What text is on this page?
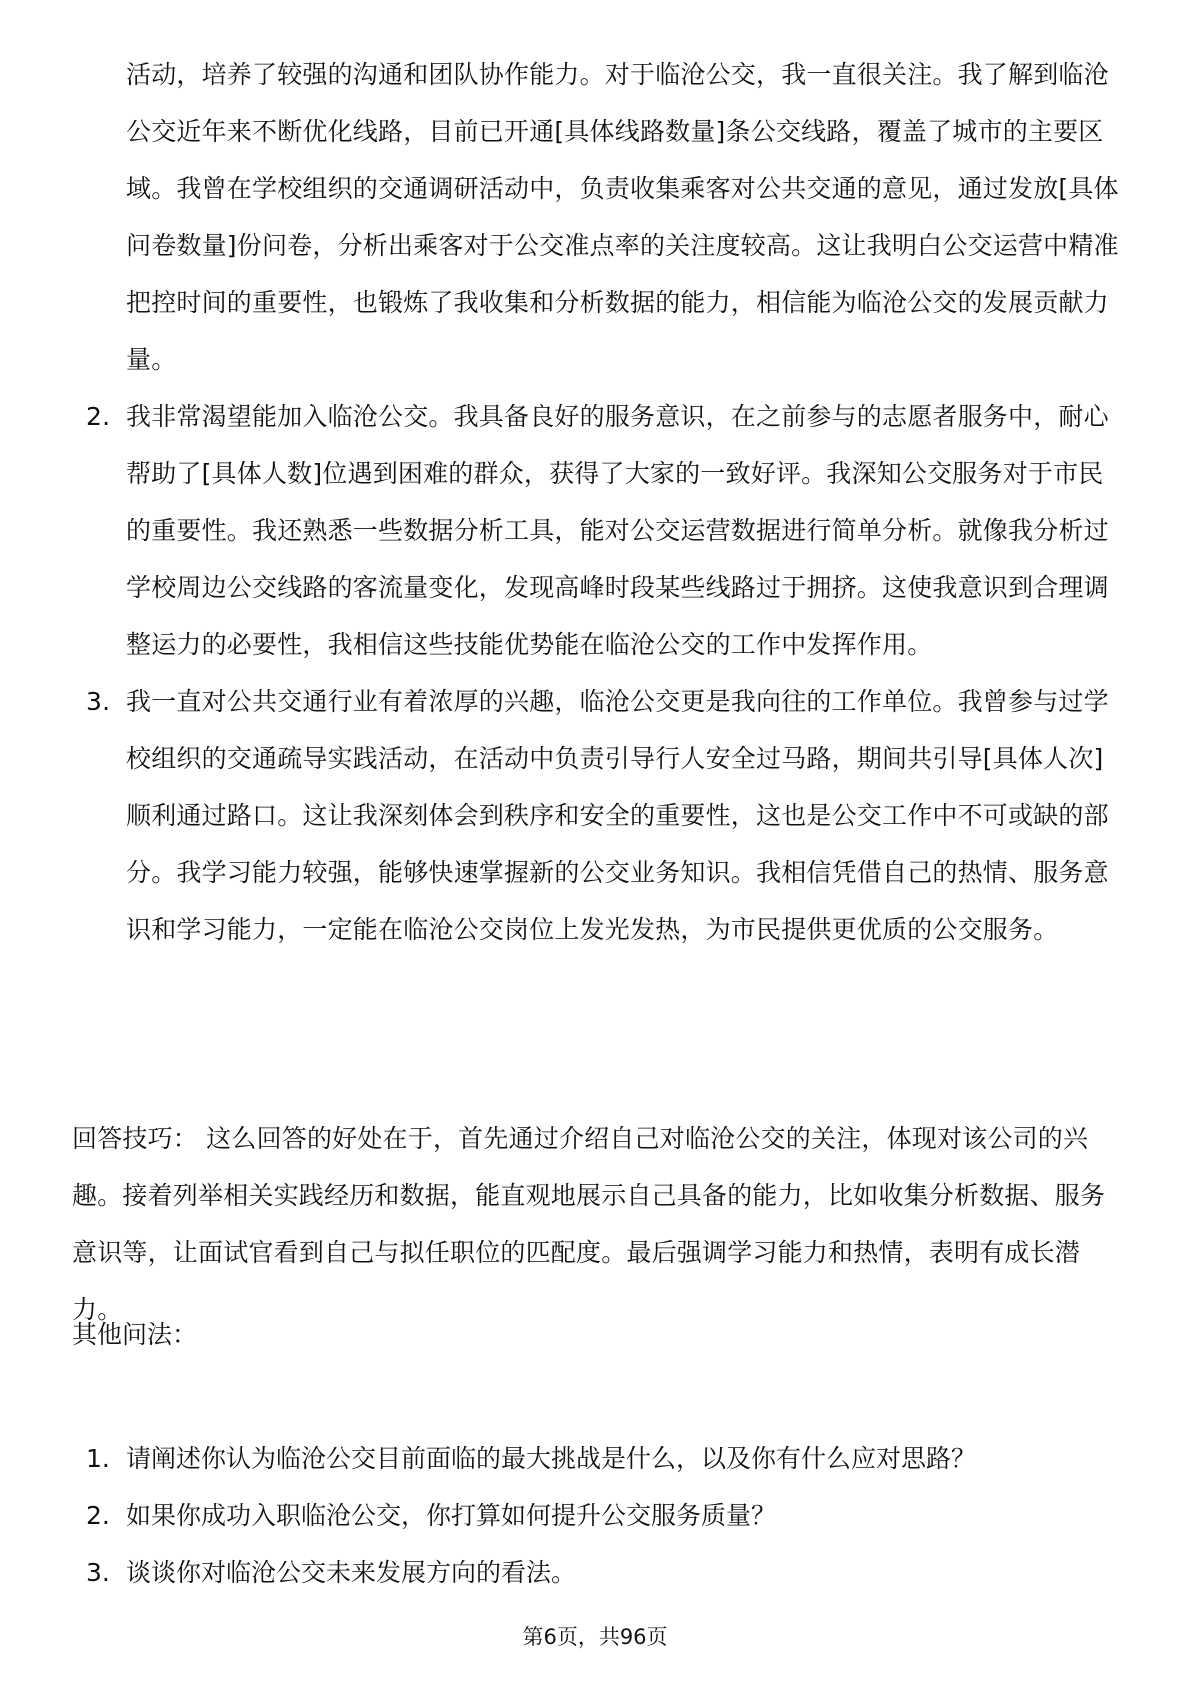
活动，培养了较强的沟通和团队协作能力。对于临沧公交，我一直很关注。我了解到临沧公交近年来不断优化线路，目前已开通[具体线路数量]条公交线路，覆盖了城市的主要区域。我曾在学校组织的交通调研活动中，负责收集乘客对公共交通的意见，通过发放[具体问卷数量]份问卷，分析出乘客对于公交准点率的关注度较高。这让我明白公交运营中精准把控时间的重要性，也锻炼了我收集和分析数据的能力，相信能为临沧公交的发展贡献力量。
2. 我非常渴望能加入临沧公交。我具备良好的服务意识，在之前参与的志愿者服务中，耐心帮助了[具体人数]位遇到困难的群众，获得了大家的一致好评。我深知公交服务对于市民的重要性。我还熟悉一些数据分析工具，能对公交运营数据进行简单分析。就像我分析过学校周边公交线路的客流量变化，发现高峰时段某些线路过于拥挤。这使我意识到合理调整运力的必要性，我相信这些技能优势能在临沧公交的工作中发挥作用。
3. 我一直对公共交通行业有着浓厚的兴趣，临沧公交更是我向往的工作单位。我曾参与过学校组织的交通疏导实践活动，在活动中负责引导行人安全过马路，期间共引导[具体人次]顺利通过路口。这让我深刻体会到秩序和安全的重要性，这也是公交工作中不可或缺的部分。我学习能力较强，能够快速掌握新的公交业务知识。我相信凭借自己的热情、服务意识和学习能力，一定能在临沧公交岗位上发光发热，为市民提供更优质的公交服务。
回答技巧： 这么回答的好处在于，首先通过介绍自己对临沧公交的关注，体现对该公司的兴趣。接着列举相关实践经历和数据，能直观地展示自己具备的能力，比如收集分析数据、服务意识等，让面试官看到自己与拟任职位的匹配度。最后强调学习能力和热情，表明有成长潜力。
其他问法：
1. 请阐述你认为临沧公交目前面临的最大挑战是什么，以及你有什么应对思路？
2. 如果你成功入职临沧公交，你打算如何提升公交服务质量？
3. 谈谈你对临沧公交未来发展方向的看法。
第6页，共96页
